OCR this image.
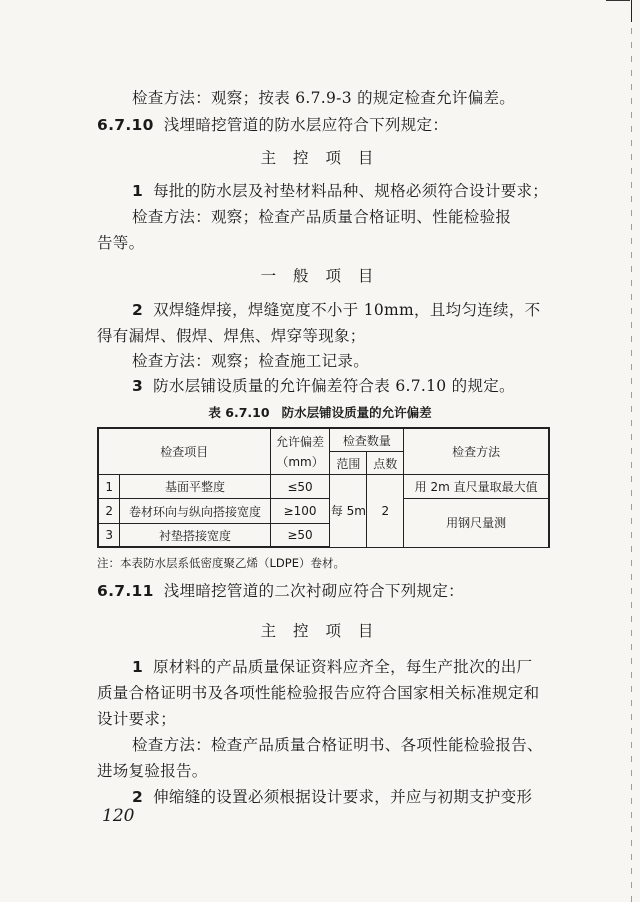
检查方法：观察；按表 6.7.9-3 的规定检查允许偏差。
6.7.10 浅埋暗挖管道的防水层应符合下列规定：
主 控 项 目
1 每批的防水层及衬垫材料品种、规格必须符合设计要求；
检查方法：观察；检查产品质量合格证明、性能检验报
告等。
一 般 项 目
2 双焊缝焊接，焊缝宽度不小于 10mm，且均匀连续，不
得有漏焊、假焊、焊焦、焊穿等现象；
检查方法：观察；检查施工记录。
3 防水层铺设质量的允许偏差符合表 6.7.10 的规定。
表 6.7.10 防水层铺设质量的允许偏差
检查项目		允许偏差
（mm）	检查数量		检查方法
			范围	点数	
1	基面平整度	≤50	每 5m	2	用 2m 直尺量取最大值
2	卷材环向与纵向搭接宽度	≥100			用钢尺量测
3	衬垫搭接宽度	≥50			
注：本表防水层系低密度聚乙烯（LDPE）卷材。
6.7.11 浅埋暗挖管道的二次衬砌应符合下列规定：
主 控 项 目
1 原材料的产品质量保证资料应齐全，每生产批次的出厂
质量合格证明书及各项性能检验报告应符合国家相关标准规定和
设计要求；
检查方法：检查产品质量合格证明书、各项性能检验报告、
进场复验报告。
2 伸缩缝的设置必须根据设计要求，并应与初期支护变形
120
